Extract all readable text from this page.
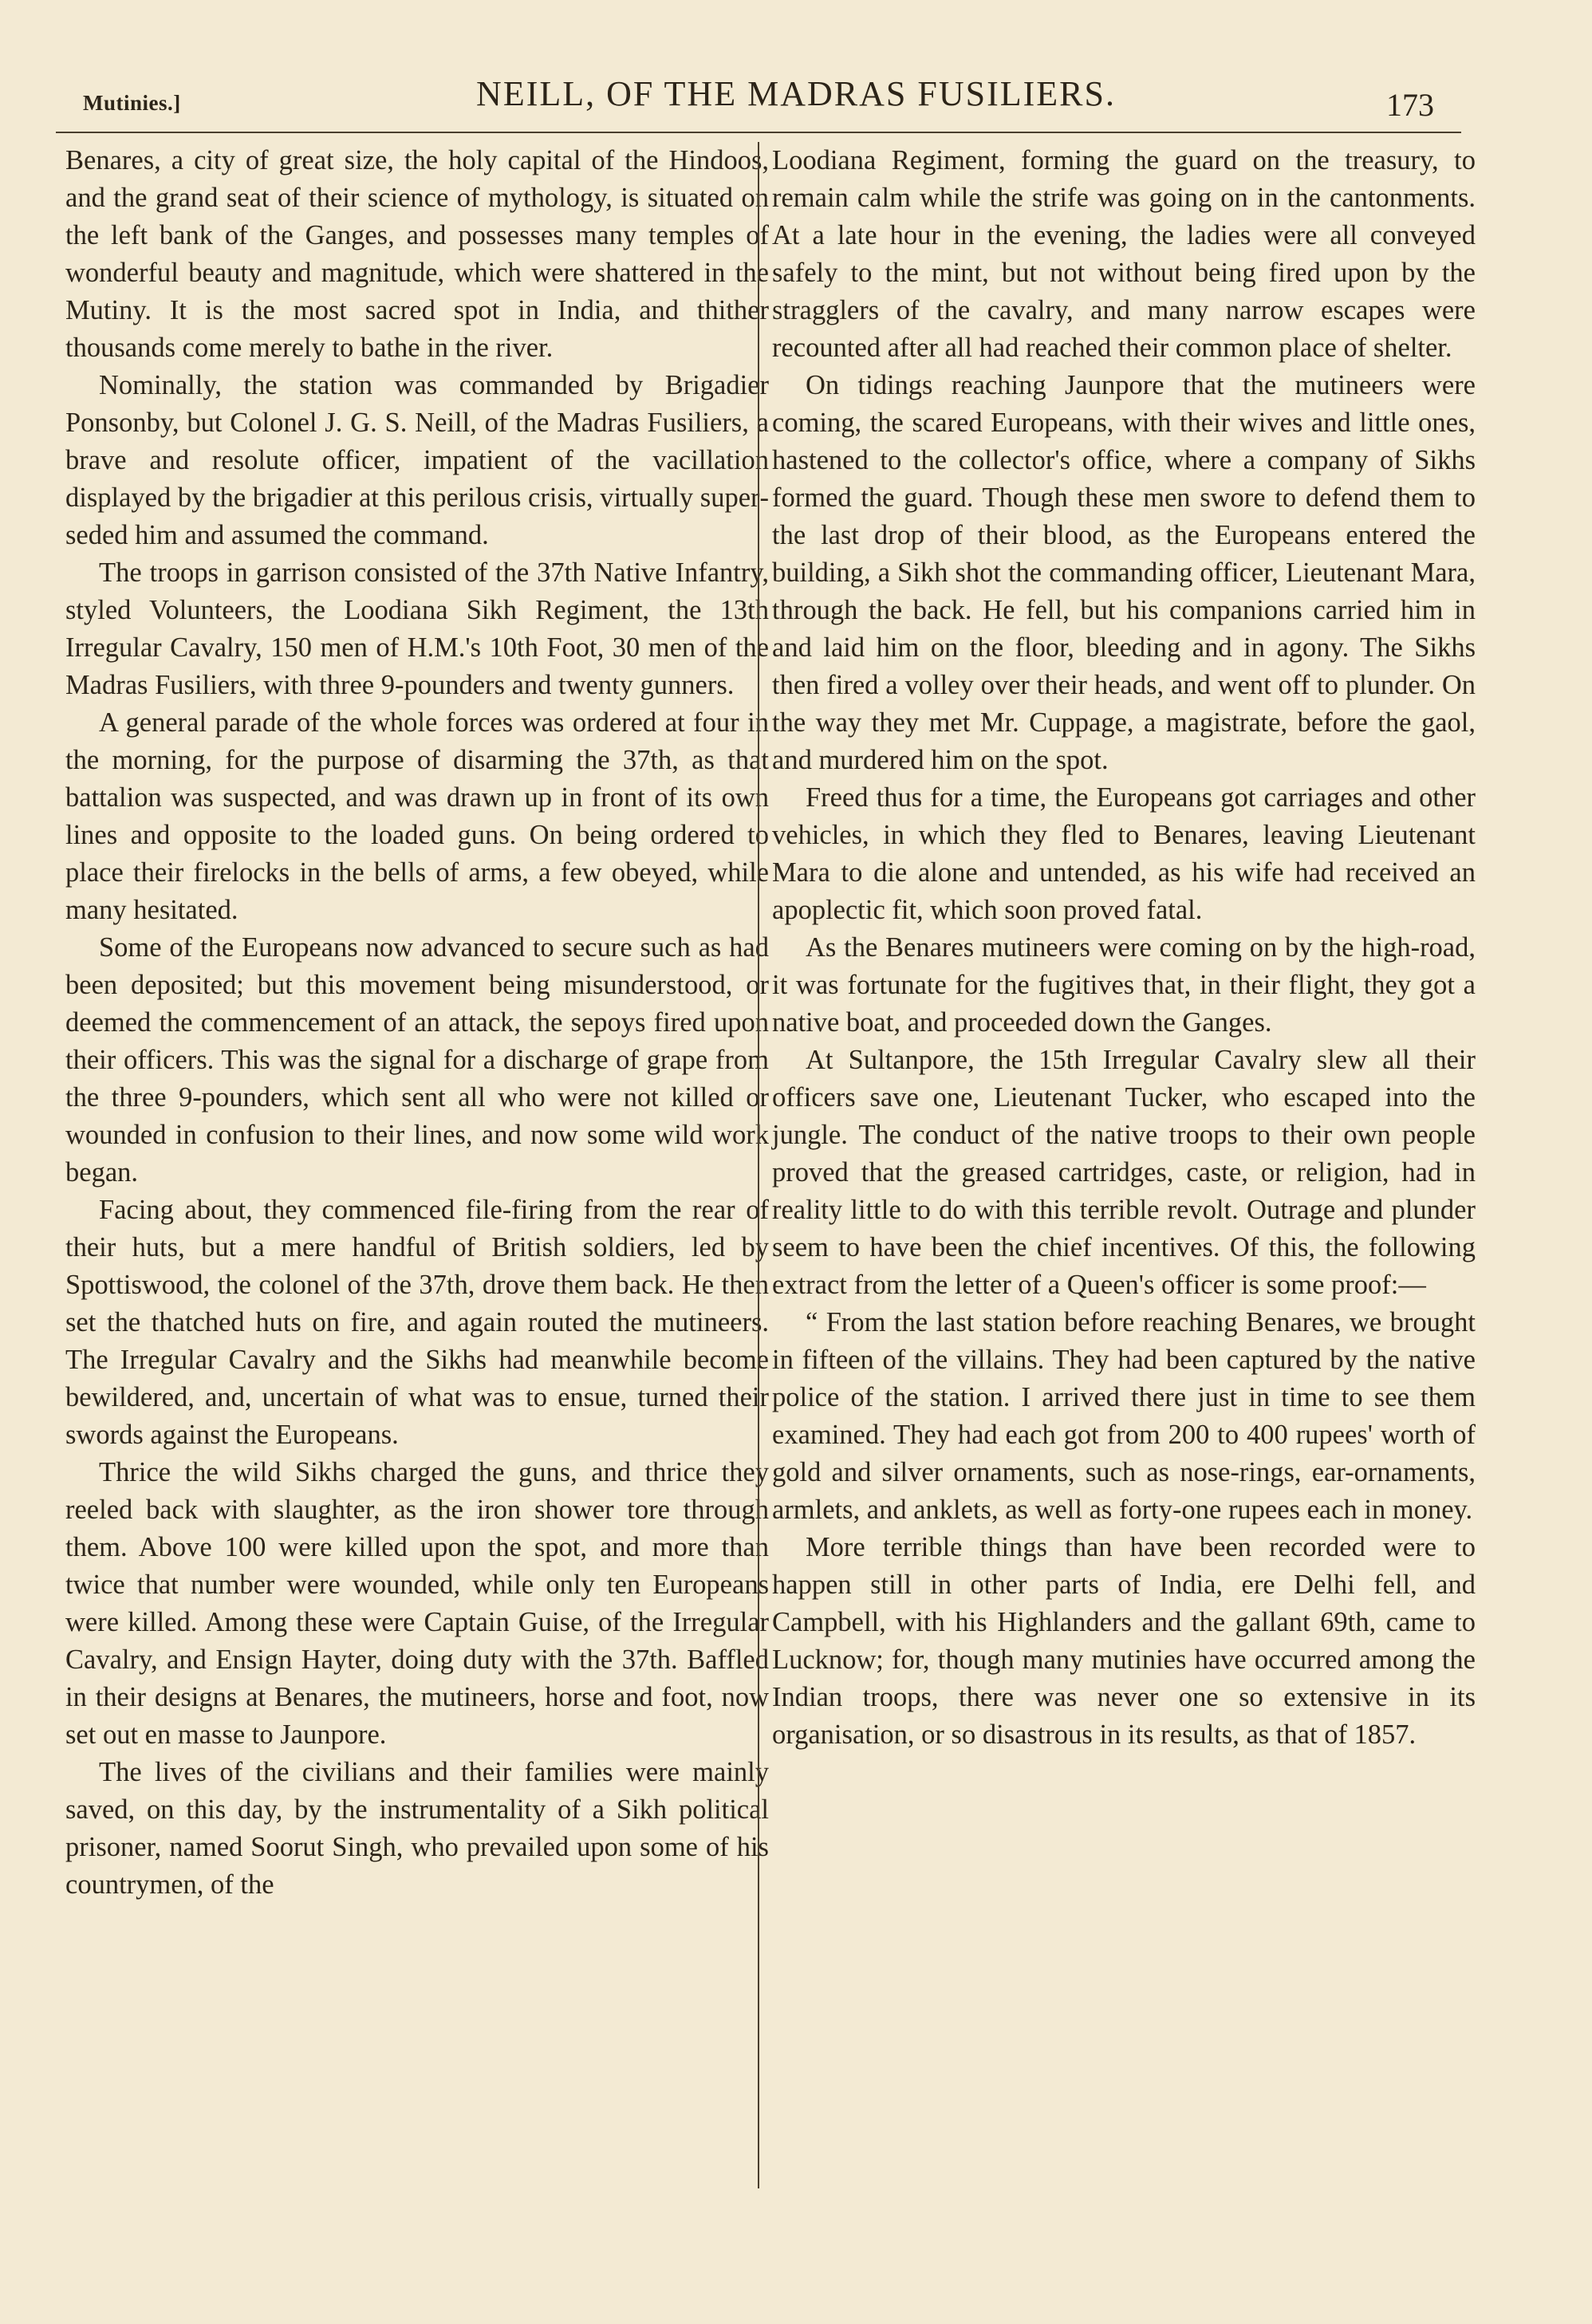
Mutinies.]	NEILL, OF THE MADRAS FUSILIERS.	173

Benares, a city of great size, the holy capital of the Hindoos, and the grand seat of their science of mythology, is situated on the left bank of the Ganges, and possesses many temples of wonderful beauty and magnitude, which were shattered in the Mutiny. It is the most sacred spot in India, and thither thousands come merely to bathe in the river.

Nominally, the station was commanded by Brigadier Ponsonby, but Colonel J. G. S. Neill, of the Madras Fusiliers, a brave and resolute officer, impatient of the vacillation displayed by the brigadier at this perilous crisis, virtually superseded him and assumed the command.

The troops in garrison consisted of the 37th Native Infantry, styled Volunteers, the Loodiana Sikh Regiment, the 13th Irregular Cavalry, 150 men of H.M.'s 10th Foot, 30 men of the Madras Fusiliers, with three 9-pounders and twenty gunners.

A general parade of the whole forces was ordered at four in the morning, for the purpose of disarming the 37th, as that battalion was suspected, and was drawn up in front of its own lines and opposite to the loaded guns. On being ordered to place their firelocks in the bells of arms, a few obeyed, while many hesitated.

Some of the Europeans now advanced to secure such as had been deposited; but this movement being misunderstood, or deemed the commencement of an attack, the sepoys fired upon their officers. This was the signal for a discharge of grape from the three 9-pounders, which sent all who were not killed or wounded in confusion to their lines, and now some wild work began.

Facing about, they commenced file-firing from the rear of their huts, but a mere handful of British soldiers, led by Spottiswood, the colonel of the 37th, drove them back. He then set the thatched huts on fire, and again routed the mutineers. The Irregular Cavalry and the Sikhs had meanwhile become bewildered, and, uncertain of what was to ensue, turned their swords against the Europeans.

Thrice the wild Sikhs charged the guns, and thrice they reeled back with slaughter, as the iron shower tore through them. Above 100 were killed upon the spot, and more than twice that number were wounded, while only ten Europeans were killed. Among these were Captain Guise, of the Irregular Cavalry, and Ensign Hayter, doing duty with the 37th. Baffled in their designs at Benares, the mutineers, horse and foot, now set out en masse to Jaunpore.

The lives of the civilians and their families were mainly saved, on this day, by the instrumentality of a Sikh political prisoner, named Soorut Singh, who prevailed upon some of his countrymen, of the

Loodiana Regiment, forming the guard on the treasury, to remain calm while the strife was going on in the cantonments. At a late hour in the evening, the ladies were all conveyed safely to the mint, but not without being fired upon by the stragglers of the cavalry, and many narrow escapes were recounted after all had reached their common place of shelter.

On tidings reaching Jaunpore that the mutineers were coming, the scared Europeans, with their wives and little ones, hastened to the collector's office, where a company of Sikhs formed the guard. Though these men swore to defend them to the last drop of their blood, as the Europeans entered the building, a Sikh shot the commanding officer, Lieutenant Mara, through the back. He fell, but his companions carried him in and laid him on the floor, bleeding and in agony. The Sikhs then fired a volley over their heads, and went off to plunder. On the way they met Mr. Cuppage, a magistrate, before the gaol, and murdered him on the spot.

Freed thus for a time, the Europeans got carriages and other vehicles, in which they fled to Benares, leaving Lieutenant Mara to die alone and untended, as his wife had received an apoplectic fit, which soon proved fatal.

As the Benares mutineers were coming on by the high-road, it was fortunate for the fugitives that, in their flight, they got a native boat, and proceeded down the Ganges.

At Sultanpore, the 15th Irregular Cavalry slew all their officers save one, Lieutenant Tucker, who escaped into the jungle. The conduct of the native troops to their own people proved that the greased cartridges, caste, or religion, had in reality little to do with this terrible revolt. Outrage and plunder seem to have been the chief incentives. Of this, the following extract from the letter of a Queen's officer is some proof:—

“ From the last station before reaching Benares, we brought in fifteen of the villains. They had been captured by the native police of the station. I arrived there just in time to see them examined. They had each got from 200 to 400 rupees' worth of gold and silver ornaments, such as nose-rings, ear-ornaments, armlets, and anklets, as well as forty-one rupees each in money.

More terrible things than have been recorded were to happen still in other parts of India, ere Delhi fell, and Campbell, with his Highlanders and the gallant 69th, came to Lucknow; for, though many mutinies have occurred among the Indian troops, there was never one so extensive in its organisation, or so disastrous in its results, as that of 1857.
